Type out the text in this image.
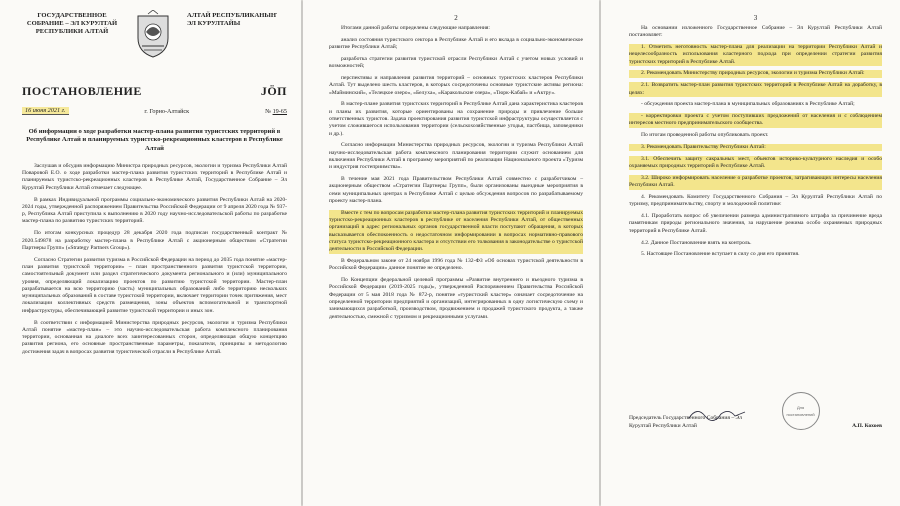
ГОСУДАРСТВЕННОЕ СОБРАНИЕ – ЭЛ КУРУЛТАЙ РЕСПУБЛИКИ АЛТАЙ
АЛТАЙ РЕСПУБЛИКАНЫҤ ЭЛ КУРУЛТАЙЫ
ПОСТАНОВЛЕНИЕ	JÖП
16 июня 2021 г.	г. Горно-Алтайск	№ 19-65
Об информации о ходе разработки мастер-плана развития туристских территорий в Республике Алтай и планируемых туристско-рекреационных кластеров в Республике Алтай

Заслушав и обсудив информацию Министра природных ресурсов, экологии и туризма Республики Алтай Поваровой Е.О. о ходе разработки мастер-плана развития туристских территорий в Республике Алтай и планируемых туристско-рекреационных кластеров в Республике Алтай, Государственное Собрание – Эл Курултай Республики Алтай отмечает следующее.

В рамках Индивидуальной программы социально-экономического развития Республики Алтай на 2020-2024 годы, утвержденной распоряжением Правительства Российской Федерации от 9 апреля 2020 года № 937-р, Республика Алтай приступила к выполнению в 2020 году научно-исследовательской работы по разработке мастер-плана по развитию туристских территорий.

По итогам конкурсных процедур 28 декабря 2020 года подписан государственный контракт № 2020.549878 на разработку мастер-плана в Республике Алтай с акционерным обществом «Стратегии Партнеры Групп» («Strategy Partners Group»).

Согласно Стратегии развития туризма в Российской Федерации на период до 2035 года понятие «мастер-план развития туристской территории» – план пространственного развития туристской территории, самостоятельный документ или раздел стратегического документа регионального и (или) муниципального уровня, определяющий локализацию проектов по развитию туристской территории. Мастер-план разрабатывается на всю территорию (часть) муниципальных образований либо территорию нескольких муниципальных образований в составе туристской территории, включает территории точек притяжения, мест локализации коллективных средств размещения, зоны объектов вспомогательной и транспортной инфраструктуры, обеспечивающей развитие туристской территории и иных зон.

В соответствии с информацией Министерства природных ресурсов, экологии и туризма Республики Алтай понятие «мастер-план» – это научно-исследовательская работа комплексного планирования территории, основанная на диалоге всех заинтересованных сторон, определяющая общую концепцию развития региона, его основные пространственные параметры, показатели, принципы и методологию достижения задач в вопросах развития туристической отрасли в Республике Алтай.

2

Итогами данной работы определены следующие направления:

анализ состояния туристского сектора в Республике Алтай и его вклада в социально-экономическое развитие Республики Алтай;

разработка стратегии развития туристской отрасли Республики Алтай с учетом новых условий и возможностей;

перспективы и направления развития территорий – основных туристских кластеров Республики Алтай. Тут выделено шесть кластеров, в которых сосредоточены основные туристские активы региона: «Майминский», «Телецкое озеро», «Белуха», «Каракольские озера», «Тюрк-Кабай» и «Актру».

В мастер-плане развития туристских территорий в Республике Алтай дана характеристика кластеров и планы их развития, которые ориентированы на сохранение природы и привлечение больше ответственных туристов. Задача проектирования развития туристской инфраструктуры осуществляется с учетом сложившегося использования территории (сельскохозяйственные угодья, пастбища, заповедники и др.).

Согласно информации Министерства природных ресурсов, экологии и туризма Республики Алтай научно-исследовательская работа комплексного планирования территории служит основанием для включения Республики Алтай в программу мероприятий по реализации Национального проекта «Туризм и индустрия гостеприимства».

В течение мая 2021 года Правительством Республики Алтай совместно с разработчиком – акционерным обществом «Стратегии Партнеры Групп», были организованы выездные мероприятия в семи муниципальных центрах в Республике Алтай с целью обсуждения вопросов по разрабатываемому проекту мастер-плана.

Вместе с тем по вопросам разработки мастер-плана развития туристских территорий и планируемых туристско-рекреационных кластеров в республике от населения Республики Алтай, от общественных организаций в адрес региональных органов государственной власти поступают обращения, в которых высказывается обеспокоенность о недостаточном информировании в вопросах нормативно-правового статуса туристско-рекреационного кластера и отсутствии его толкования в законодательстве о туристской деятельности в Российской Федерации.

В Федеральном законе от 24 ноября 1996 года № 132-ФЗ «Об основах туристской деятельности в Российской Федерации» данное понятие не определено.

По Концепции федеральной целевой программы «Развитие внутреннего и въездного туризма в Российской Федерации (2019-2025 годы)», утвержденной Распоряжением Правительства Российской Федерации от 5 мая 2018 года № 872-р, понятие «туристский кластер» означает сосредоточение на определенной территории предприятий и организаций, интегрированных в одну логистическую схему и занимающихся разработкой, производством, продвижением и продажей туристского продукта, а также деятельностью, смежной с туризмом и рекреационными услугами.

3

На основании изложенного Государственное Собрание – Эл Курултай Республики Алтай постановляет:

1. Отметить неготовность мастер-плана для реализации на территории Республики Алтай и нецелесообразность использования кластерного подхода при определении стратегии развития туристских территорий в Республике Алтай.

2. Рекомендовать Министерству природных ресурсов, экологии и туризма Республики Алтай:

2.1. Возвратить мастер-план развития туристских территорий в Республике Алтай на доработку, в целях:

- обсуждения проекта мастер-плана в муниципальных образованиях в Республике Алтай;

- корректировки проекта с учетом поступивших предложений от населения и с соблюдением интересов местного предпринимательского сообщества.

По итогам проведенной работы опубликовать проект.

3. Рекомендовать Правительству Республики Алтай:

3.1. Обеспечить защиту сакральных мест, объектов историко-культурного наследия и особо охраняемых природных территорий в Республике Алтай.

3.2. Широко информировать население о разработке проектов, затрагивающих интересы населения Республики Алтай.

4. Рекомендовать Комитету Государственного Собрания – Эл Курултай Республики Алтай по туризму, предпринимательству, спорту и молодежной политике:

4.1. Проработать вопрос об увеличении размера административного штрафа за причинение вреда памятникам природы регионального значения, за нарушение режима особо охраняемых природных территорий в Республике Алтай.

4.2. Данное Постановление взять на контроль.

5. Настоящее Постановление вступает в силу со дня его принятия.

Председатель Государственного Собрания – Эл Курултай Республики Алтай
Для постановлений
А.П. Кохоев
